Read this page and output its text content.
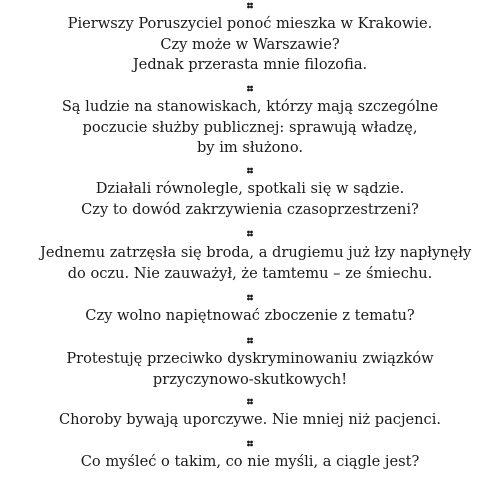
Pierwszy Poruszyciel ponoć mieszka w Krakowie.
Czy może w Warszawie?
Jednak przerasta mnie filozofia.
Są ludzie na stanowiskach, którzy mają szczególne
poczucie służby publicznej: sprawują władzę,
by im służono.
Działali równolegle, spotkali się w sądzie.
Czy to dowód zakrzywienia czasoprzestrzeni?
Jednemu zatrzęsła się broda, a drugiemu już łzy napłynęły
do oczu. Nie zauważył, że tamtemu – ze śmiechu.
Czy wolno napiętnować zboczenie z tematu?
Protestuję przeciwko dyskryminowaniu związków
przyczynowo-skutkowych!
Choroby bywają uporczywe. Nie mniej niż pacjenci.
Co myśleć o takim, co nie myśli, a ciągle jest?
